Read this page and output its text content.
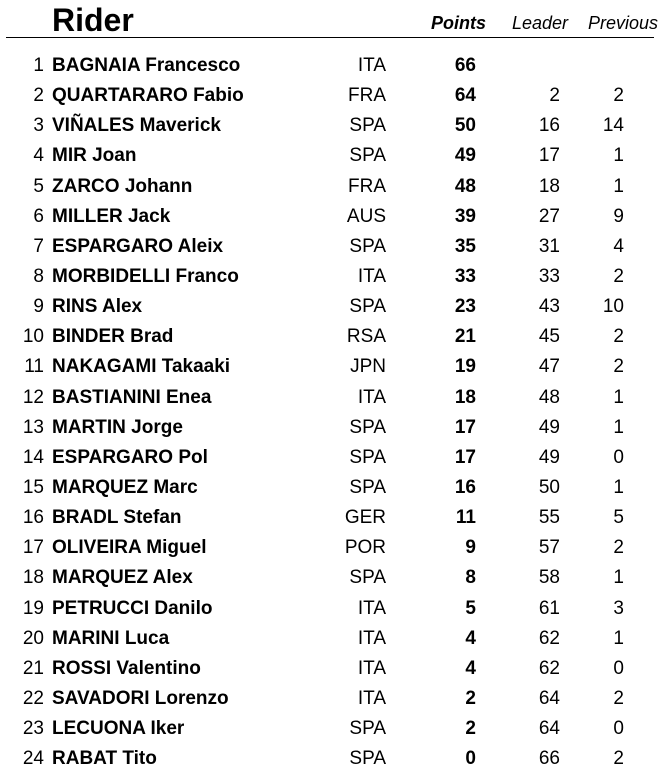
Rider	Points	Leader	Previous
1 BAGNAIA Francesco	ITA	66
2 QUARTARARO Fabio	FRA	64	2	2
3 VIÑALES Maverick	SPA	50	16	14
4 MIR Joan	SPA	49	17	1
5 ZARCO Johann	FRA	48	18	1
6 MILLER Jack	AUS	39	27	9
7 ESPARGARO Aleix	SPA	35	31	4
8 MORBIDELLI Franco	ITA	33	33	2
9 RINS Alex	SPA	23	43	10
10 BINDER Brad	RSA	21	45	2
11 NAKAGAMI Takaaki	JPN	19	47	2
12 BASTIANINI Enea	ITA	18	48	1
13 MARTIN Jorge	SPA	17	49	1
14 ESPARGARO Pol	SPA	17	49	0
15 MARQUEZ Marc	SPA	16	50	1
16 BRADL Stefan	GER	11	55	5
17 OLIVEIRA Miguel	POR	9	57	2
18 MARQUEZ Alex	SPA	8	58	1
19 PETRUCCI Danilo	ITA	5	61	3
20 MARINI Luca	ITA	4	62	1
21 ROSSI Valentino	ITA	4	62	0
22 SAVADORI Lorenzo	ITA	2	64	2
23 LECUONA Iker	SPA	2	64	0
24 RABAT Tito	SPA	0	66	2
